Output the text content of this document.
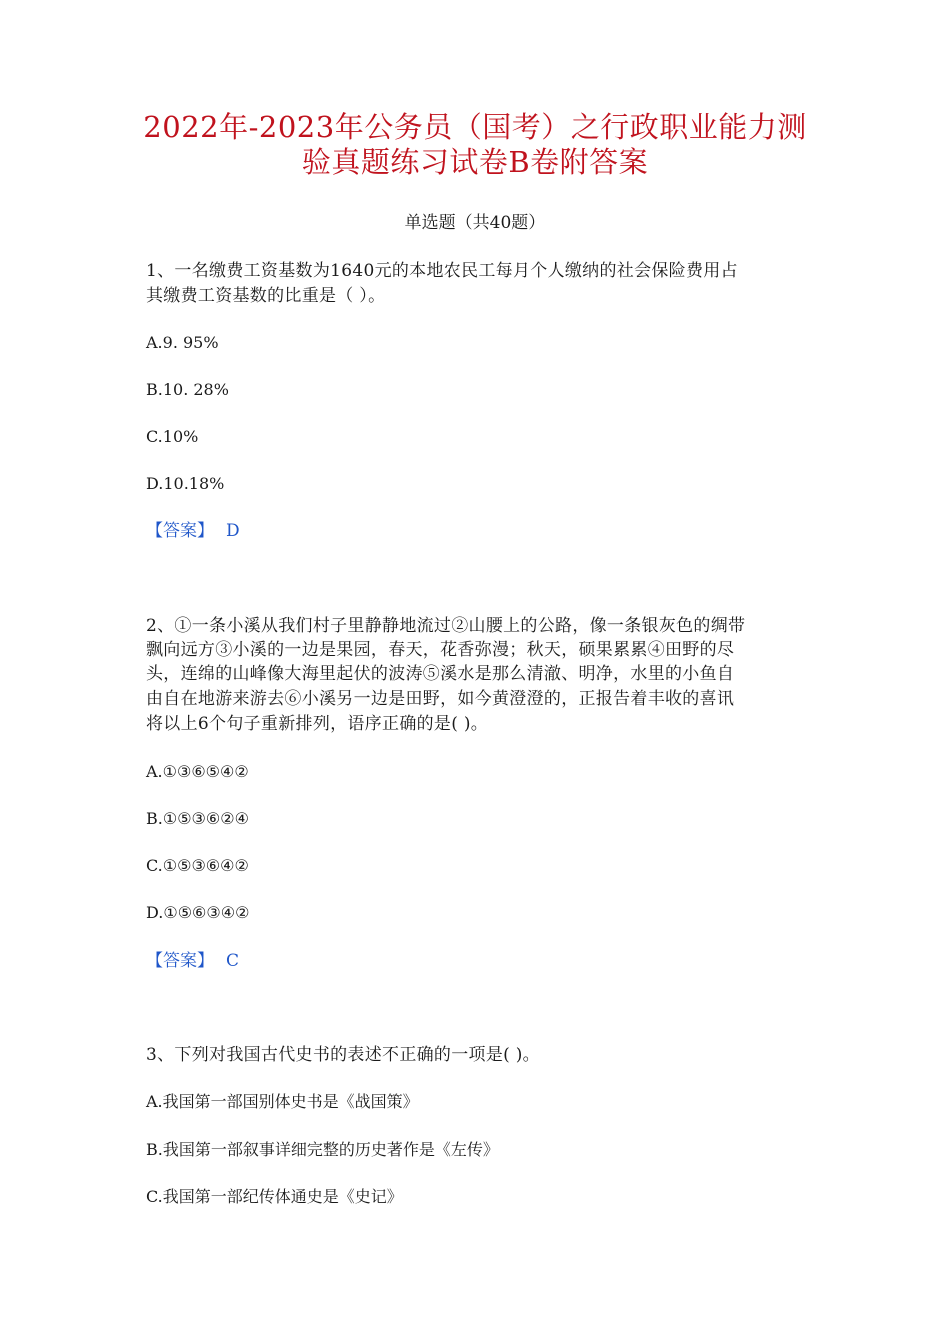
2022年-2023年公务员（国考）之行政职业能力测
验真题练习试卷B卷附答案
单选题（共40题）
1、一名缴费工资基数为1640元的本地农民工每月个人缴纳的社会保险费用占
其缴费工资基数的比重是（ ）。
A.9. 95%
B.10. 28%
C.10%
D.10.18%
【答案】 D
2、①一条小溪从我们村子里静静地流过②山腰上的公路，像一条银灰色的绸带
飘向远方③小溪的一边是果园，春天，花香弥漫；秋天，硕果累累④田野的尽
头，连绵的山峰像大海里起伏的波涛⑤溪水是那么清澈、明净，水里的小鱼自
由自在地游来游去⑥小溪另一边是田野，如今黄澄澄的，正报告着丰收的喜讯
将以上6个句子重新排列，语序正确的是( )。
A.①③⑥⑤④②
B.①⑤③⑥②④
C.①⑤③⑥④②
D.①⑤⑥③④②
【答案】 C
3、下列对我国古代史书的表述不正确的一项是( )。
A.我国第一部国别体史书是《战国策》
B.我国第一部叙事详细完整的历史著作是《左传》
C.我国第一部纪传体通史是《史记》
